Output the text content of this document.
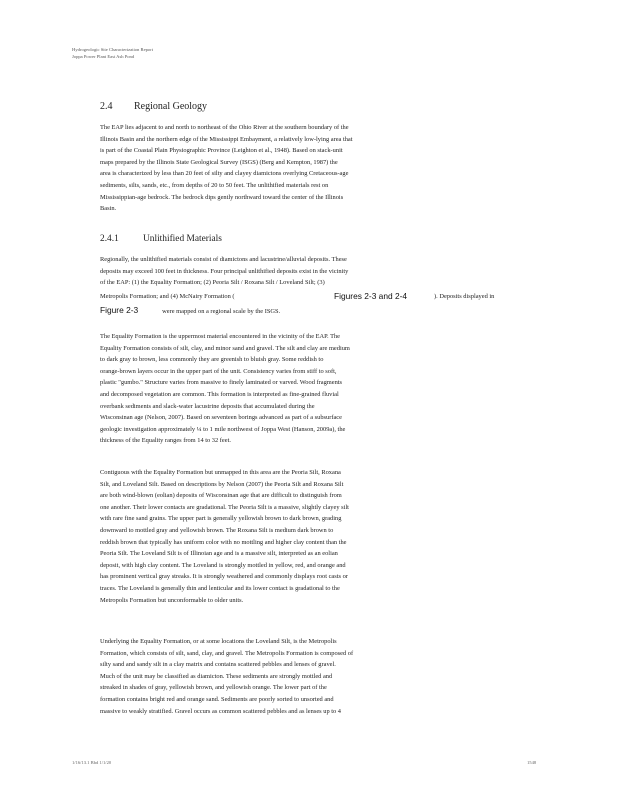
Hydrogeologic Site Characterization Report
Joppa Power Plant East Ash Pond
2.4 Regional Geology

The EAP lies adjacent to and north to northeast of the Ohio River at the southern boundary of the
Illinois Basin and the northern edge of the Mississippi Embayment, a relatively low-lying area that
is part of the Coastal Plain Physiographic Province (Leighton et al., 1948). Based on stack-unit
maps prepared by the Illinois State Geological Survey (ISGS) (Berg and Kempton, 1987) the
area is characterized by less than 20 feet of silty and clayey diamictons overlying Cretaceous-age
sediments, silts, sands, etc., from depths of 20 to 50 feet. The unlithified materials rest on
Mississippian-age bedrock. The bedrock dips gently northward toward the center of the Illinois
Basin.

2.4.1	Unlithified Materials

Regionally, the unlithified materials consist of diamictons and lacustrine/alluvial deposits. These
deposits may exceed 100 feet in thickness. Four principal unlithified deposits exist in the vicinity
of the EAP: (1) the Equality Formation; (2) Peoria Silt / Roxana Silt / Loveland Silt; (3)

Metropolis Formation; and (4) McNairy Formation (	Figures 2-3 and 2-4	). Deposits displayed in
Figure 2-3	were mapped on a regional scale by the ISGS.

The Equality Formation is the uppermost material encountered in the vicinity of the EAP. The
Equality Formation consists of silt, clay, and minor sand and gravel. The silt and clay are medium
to dark gray to brown, less commonly they are greenish to bluish gray. Some reddish to
orange-brown layers occur in the upper part of the unit. Consistency varies from stiff to soft,
plastic "gumbo." Structure varies from massive to finely laminated or varved. Wood fragments
and decomposed vegetation are common. This formation is interpreted as fine-grained fluvial
overbank sediments and slack-water lacustrine deposits that accumulated during the
Wisconsinan age (Nelson, 2007). Based on seventeen borings advanced as part of a subsurface
geologic investigation approximately ¼ to 1 mile northwest of Joppa West (Hanson, 2009a), the
thickness of the Equality ranges from 14 to 32 feet.

Contiguous with the Equality Formation but unmapped in this area are the Peoria Silt, Roxana
Silt, and Loveland Silt. Based on descriptions by Nelson (2007) the Peoria Silt and Roxana Silt
are both wind-blown (eolian) deposits of Wisconsinan age that are difficult to distinguish from
one another. Their lower contacts are gradational. The Peoria Silt is a massive, slightly clayey silt
with rare fine sand grains. The upper part is generally yellowish brown to dark brown, grading
downward to mottled gray and yellowish brown. The Roxana Silt is medium dark brown to
reddish brown that typically has uniform color with no mottling and higher clay content than the
Peoria Silt. The Loveland Silt is of Illinoian age and is a massive silt, interpreted as an eolian
deposit, with high clay content. The Loveland is strongly mottled in yellow, red, and orange and
has prominent vertical gray streaks. It is strongly weathered and commonly displays root casts or
traces. The Loveland is generally thin and lenticular and its lower contact is gradational to the
Metropolis Formation but unconformable to older units.

Underlying the Equality Formation, or at some locations the Loveland Silt, is the Metropolis
Formation, which consists of silt, sand, clay, and gravel. The Metropolis Formation is composed of
silty sand and sandy silt in a clay matrix and contains scattered pebbles and lenses of gravel.
Much of the unit may be classified as diamicton. These sediments are strongly mottled and
streaked in shades of gray, yellowish brown, and yellowish orange. The lower part of the
formation contains bright red and orange sand. Sediments are poorly sorted to unsorted and
massive to weakly stratified. Gravel occurs as common scattered pebbles and as lenses up to 4

1/16/13.1 Bbd 1/1/20	1548
